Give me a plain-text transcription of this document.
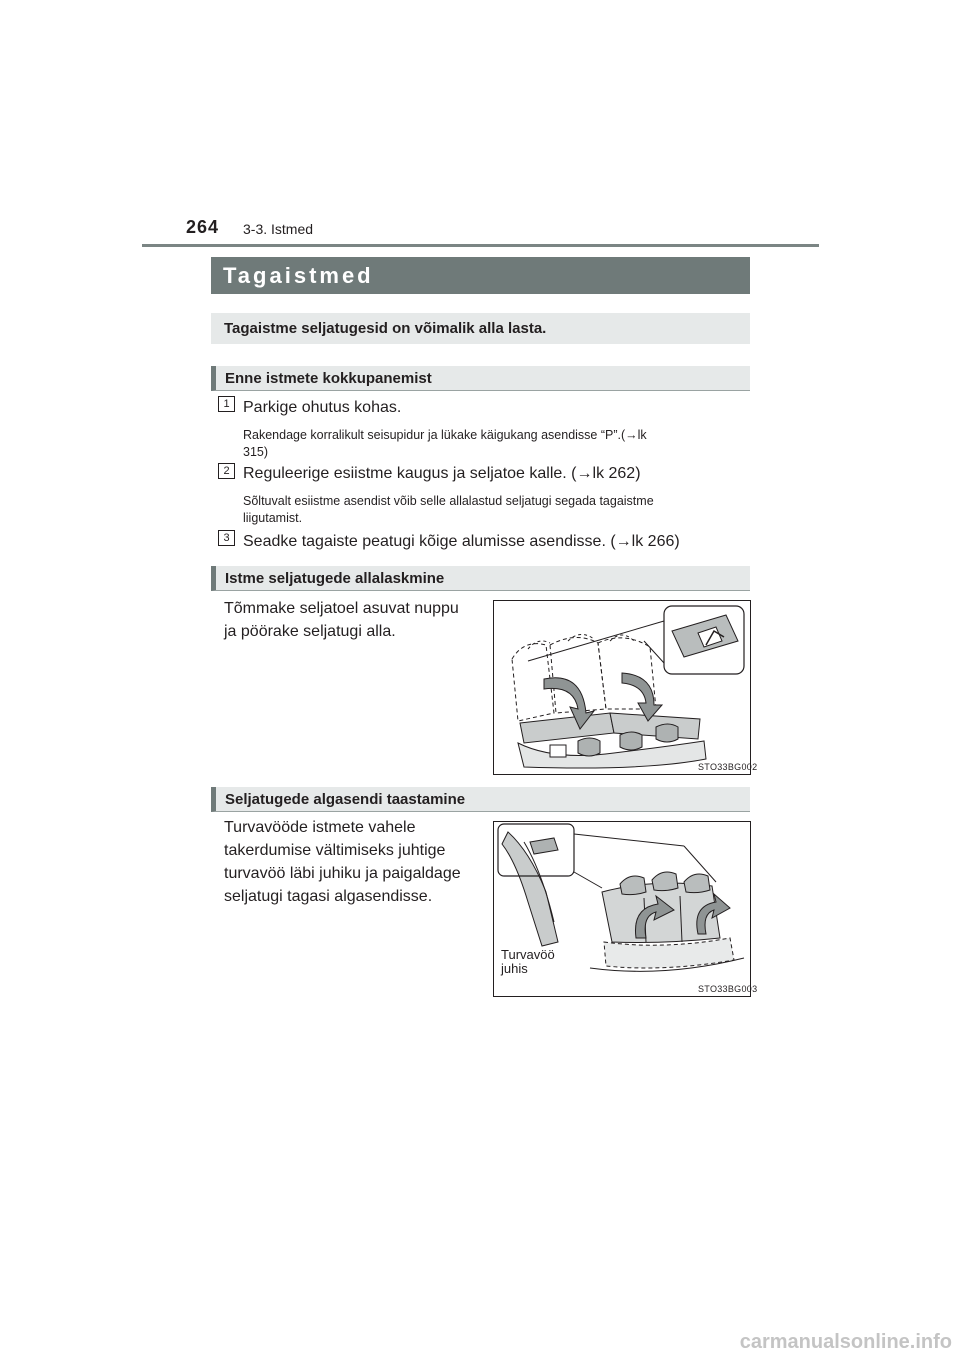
264 3-3. Istmed
Tagaistmed
Tagaistme seljatugesid on võimalik alla lasta.
Enne istmete kokkupanemist
1 Parkige ohutus kohas.
Rakendage korralikult seisupidur ja lükake käigukang asendisse “P”.(→lk
315)
2 Reguleerige esiistme kaugus ja seljatoe kalle. (→lk 262)
Sõltuvalt esiistme asendist võib selle allalastud seljatugi segada tagaistme
liigutamist.
3 Seadke tagaiste peatugi kõige alumisse asendisse. (→lk 266)
Istme seljatugede allalaskmine
Tõmmake seljatoel asuvat nuppu
ja pöörake seljatugi alla.
STO33BG002
Seljatugede algasendi taastamine
Turvavööde istmete vahele
takerdumise vältimiseks juhtige
turvavöö läbi juhiku ja paigaldage
seljatugi tagasi algasendisse.
Turvavöö
juhis
STO33BG003
carmanualsonline.info
